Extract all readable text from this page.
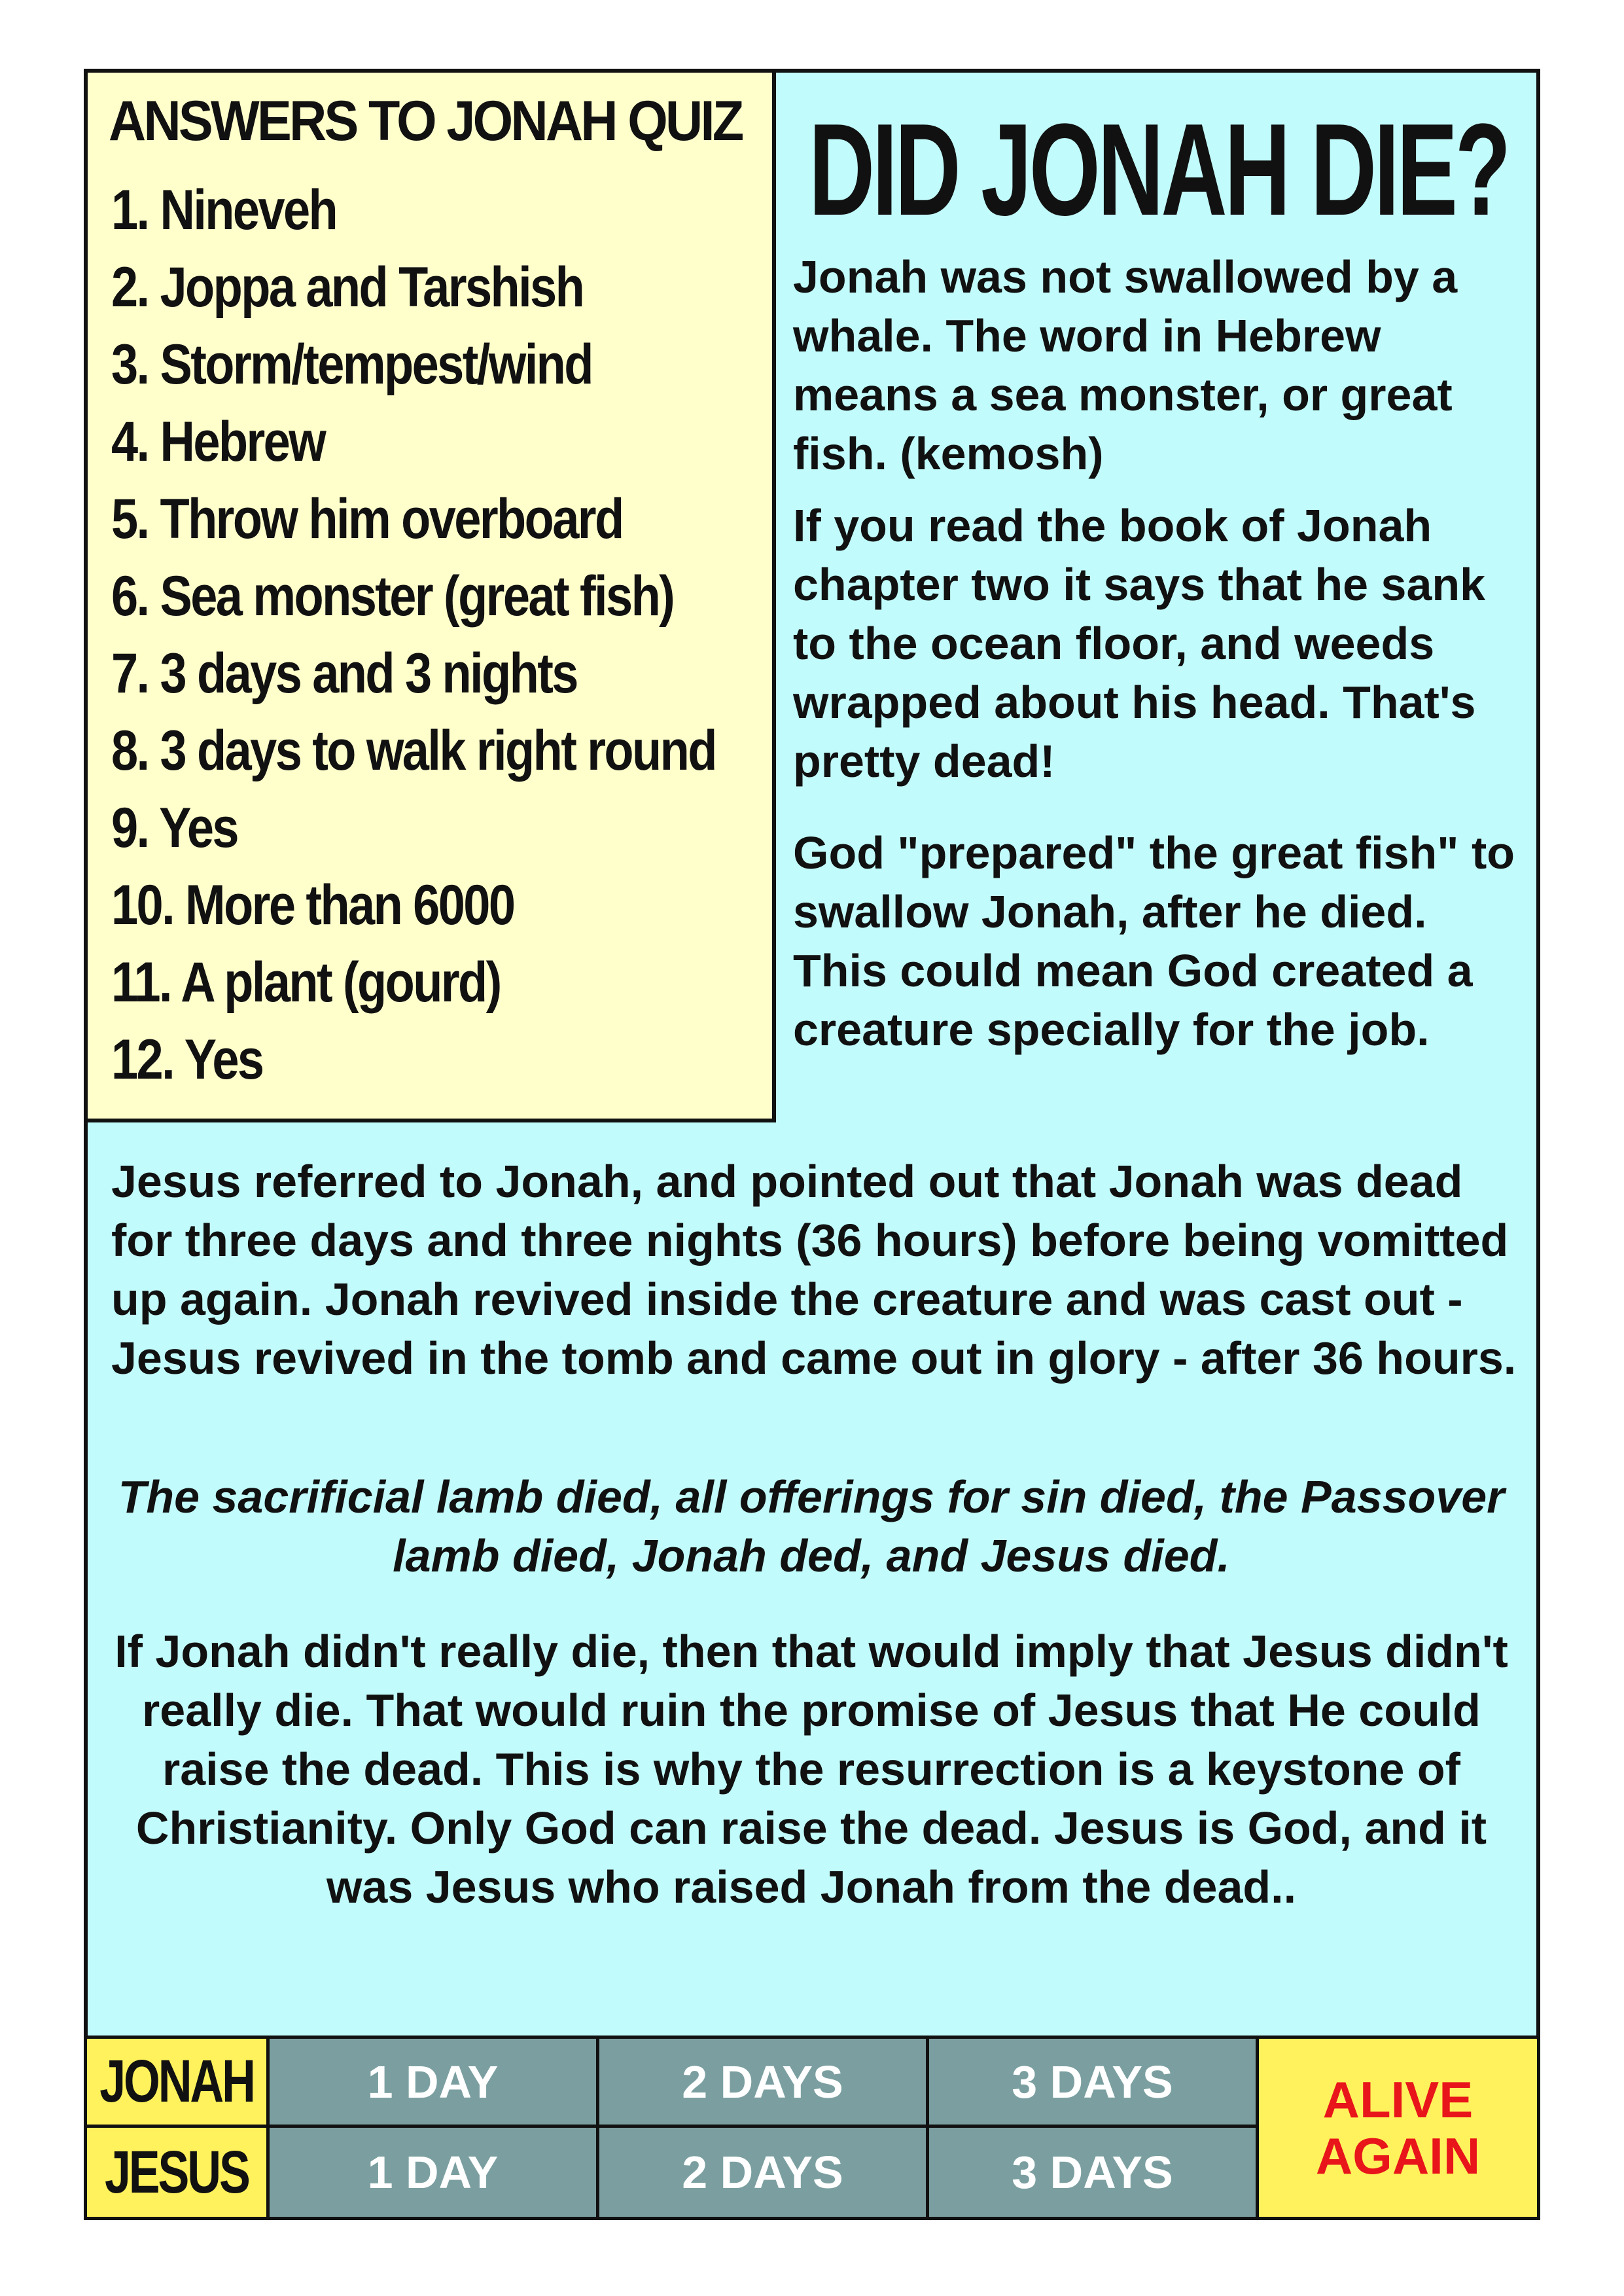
ANSWERS TO JONAH QUIZ
1. Nineveh
2. Joppa and Tarshish
3. Storm/tempest/wind
4. Hebrew
5. Throw him overboard
6. Sea monster (great fish)
7. 3 days and 3 nights
8. 3 days to walk right round
9. Yes
10. More than 6000
11. A plant (gourd)
12. Yes
DID JONAH DIE?

Jonah was not swallowed by a whale. The word in Hebrew means a sea monster, or great fish. (kemosh)

If you read the book of Jonah chapter two it says that he sank to the ocean floor, and weeds wrapped about his head. That's pretty dead!

God "prepared" the great fish" to swallow Jonah, after he died. This could mean God created a creature specially for the job.

Jesus referred to Jonah, and pointed out that Jonah was dead for three days and three nights (36 hours) before being vomitted up again. Jonah revived inside the creature and was cast out - Jesus revived in the tomb and came out in glory - after 36 hours.

The sacrificial lamb died, all offerings for sin died, the Passover lamb died, Jonah ded, and Jesus died.

If Jonah didn't really die, then that would imply that Jesus didn't really die. That would ruin the promise of Jesus that He could raise the dead. This is why the resurrection is a keystone of Christianity. Only God can raise the dead. Jesus is God, and it was Jesus who raised Jonah from the dead..

JONAH	1 DAY	2 DAYS	3 DAYS
JESUS	1 DAY	2 DAYS	3 DAYS
ALIVE
AGAIN
